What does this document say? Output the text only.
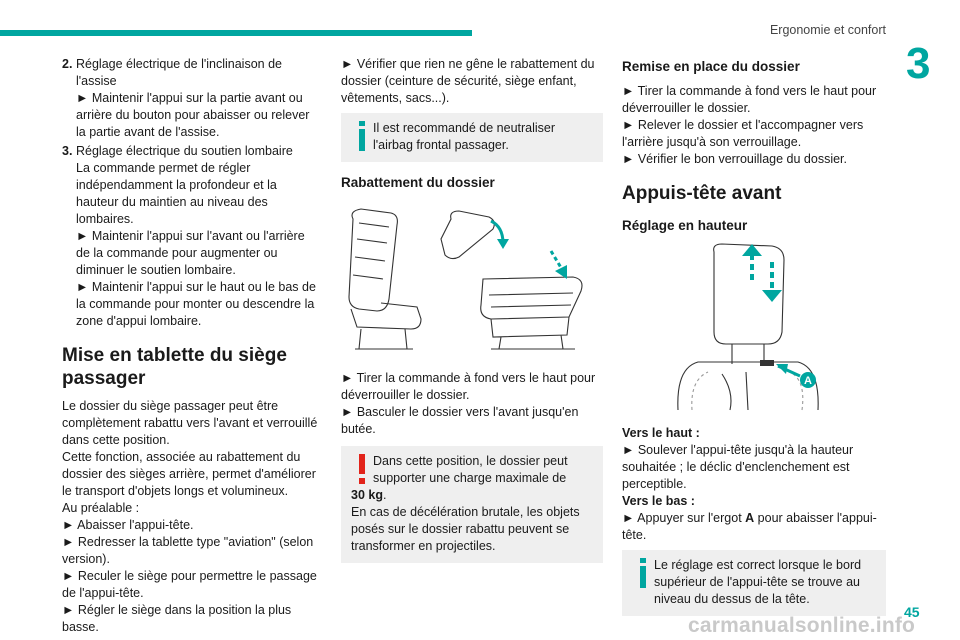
Ergonomie et confort
3
2. Réglage électrique de l'inclinaison de l'assise

► Maintenir l'appui sur la partie avant ou arrière du bouton pour abaisser ou relever la partie avant de l'assise.

3. Réglage électrique du soutien lombaire

La commande permet de régler indépendamment la profondeur et la hauteur du maintien au niveau des lombaires.

► Maintenir l'appui sur l'avant ou l'arrière de la commande pour augmenter ou diminuer le soutien lombaire.

► Maintenir l'appui sur le haut ou le bas de la commande pour monter ou descendre la zone d'appui lombaire.

Mise en tablette du siège passager

Le dossier du siège passager peut être complètement rabattu vers l'avant et verrouillé dans cette position.

Cette fonction, associée au rabattement du dossier des sièges arrière, permet d'améliorer le transport d'objets longs et volumineux.

Au préalable :

► Abaisser l'appui-tête.

► Redresser la tablette type "aviation" (selon version).

► Reculer le siège pour permettre le passage de l'appui-tête.

► Régler le siège dans la position la plus basse.

► Vérifier que rien ne gêne le rabattement du dossier (ceinture de sécurité, siège enfant, vêtements, sacs...).

Il est recommandé de neutraliser l'airbag frontal passager.

Rabattement du dossier

► Tirer la commande à fond vers le haut pour déverrouiller le dossier.

► Basculer le dossier vers l'avant jusqu'en butée.

Dans cette position, le dossier peut supporter une charge maximale de

30 kg.

En cas de décélération brutale, les objets posés sur le dossier rabattu peuvent se transformer en projectiles.

Remise en place du dossier

► Tirer la commande à fond vers le haut pour déverrouiller le dossier.

► Relever le dossier et l'accompagner vers l'arrière jusqu'à son verrouillage.

► Vérifier le bon verrouillage du dossier.

Appuis-tête avant
Réglage en hauteur
A

Vers le haut :

► Soulever l'appui-tête jusqu'à la hauteur souhaitée ; le déclic d'enclenchement est perceptible.

Vers le bas :

► Appuyer sur l'ergot A pour abaisser l'appui-tête.

Le réglage est correct lorsque le bord supérieur de l'appui-tête se trouve au niveau du dessus de la tête.

45
carmanualsonline.info
